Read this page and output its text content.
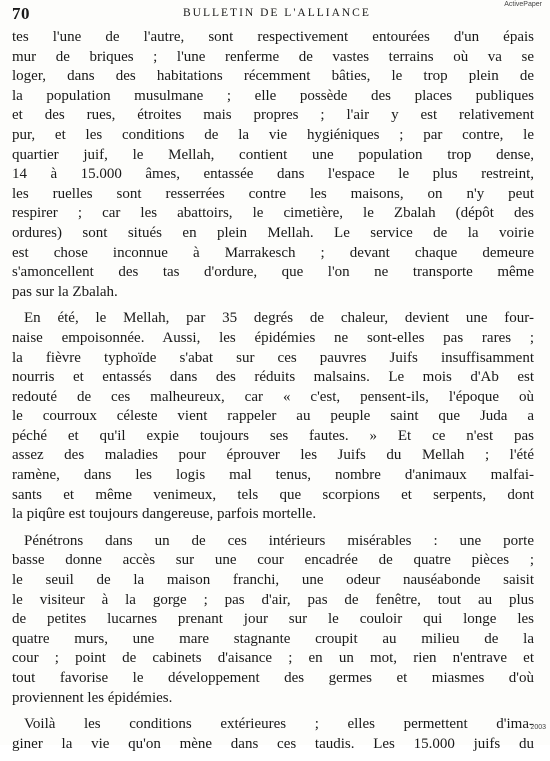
70	BULLETIN DE L'ALLIANCE
ActivePaper
tes l'une de l'autre, sont respectivement entourées d'un épais
mur de briques ; l'une renferme de vastes terrains où va se
loger, dans des habitations récemment bâties, le trop plein de
la population musulmane ; elle possède des places publiques
et des rues, étroites mais propres ; l'air y est relativement
pur, et les conditions de la vie hygiéniques ; par contre, le
quartier juif, le Mellah, contient une population trop dense,
14 à 15.000 âmes, entassée dans l'espace le plus restreint,
les ruelles sont resserrées contre les maisons, on n'y peut
respirer ; car les abattoirs, le cimetière, le Zbalah (dépôt des
ordures) sont situés en plein Mellah. Le service de la voirie
est chose inconnue à Marrakesch ; devant chaque demeure
s'amoncellent des tas d'ordure, que l'on ne transporte même
pas sur la Zbalah.
En été, le Mellah, par 35 degrés de chaleur, devient une four-
naise empoisonnée. Aussi, les épidémies ne sont-elles pas rares ;
la fièvre typhoïde s'abat sur ces pauvres Juifs insuffisamment
nourris et entassés dans des réduits malsains. Le mois d'Ab est
redouté de ces malheureux, car « c'est, pensent-ils, l'époque où
le courroux céleste vient rappeler au peuple saint que Juda a
péché et qu'il expie toujours ses fautes. » Et ce n'est pas
assez des maladies pour éprouver les Juifs du Mellah ; l'été
ramène, dans les logis mal tenus, nombre d'animaux malfai-
sants et même venimeux, tels que scorpions et serpents, dont
la piqûre est toujours dangereuse, parfois mortelle.
Pénétrons dans un de ces intérieurs misérables : une porte
basse donne accès sur une cour encadrée de quatre pièces ;
le seuil de la maison franchi, une odeur nauséabonde saisit
le visiteur à la gorge ; pas d'air, pas de fenêtre, tout au plus
de petites lucarnes prenant jour sur le couloir qui longe les
quatre murs, une mare stagnante croupit au milieu de la
cour ; point de cabinets d'aisance ; en un mot, rien n'entrave et
tout favorise le développement des germes et miasmes d'où
proviennent les épidémies.
Voilà les conditions extérieures ; elles permettent d'ima-
giner la vie qu'on mène dans ces taudis. Les 15.000 juifs du
2003
